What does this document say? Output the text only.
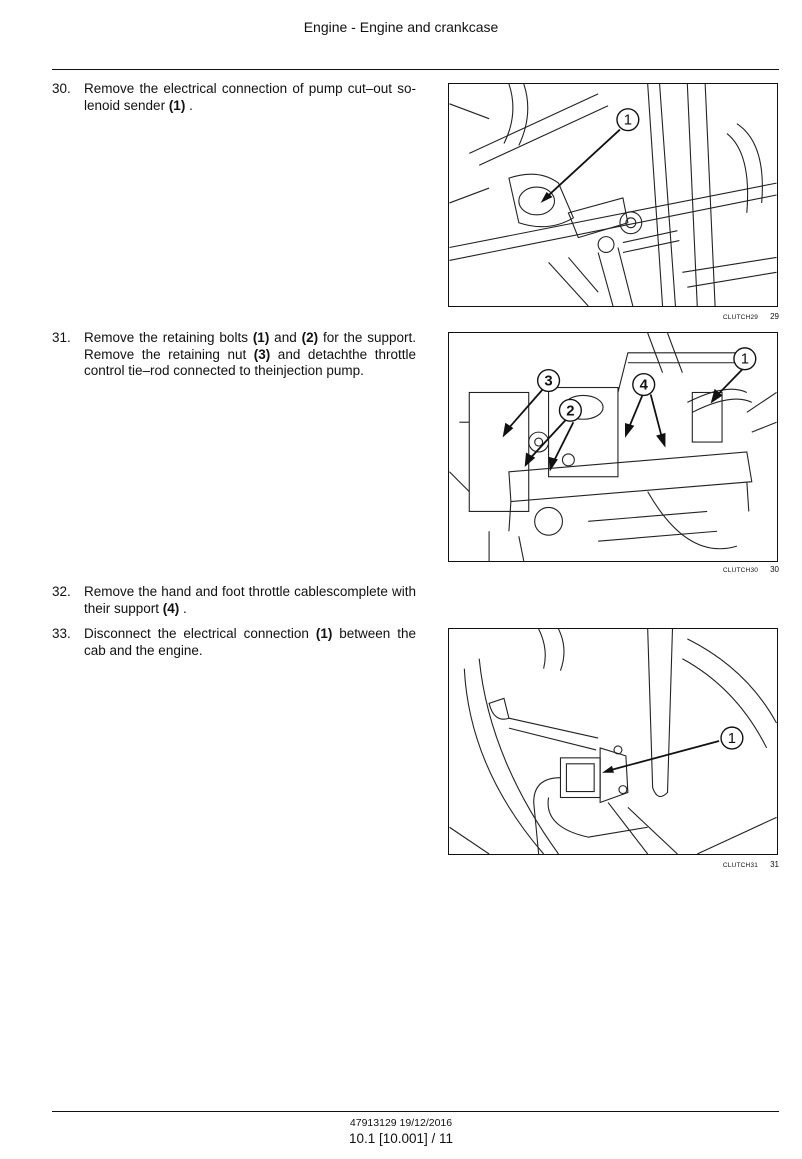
Engine - Engine and crankcase
30. Remove the electrical connection of pump cut–out so- lenoid sender (1) .
31. Remove the retaining bolts (1) and (2) for the support. Remove the retaining nut (3) and detachthe throttle control tie–rod connected to theinjection pump.
32. Remove the hand and foot throttle cablescomplete with their support (4) .
33. Disconnect the electrical connection (1) between the cab and the engine.
1
CLUTCH29 29
3
2
4
1
CLUTCH30 30
1
CLUTCH31 31
47913129 19/12/2016
10.1 [10.001] / 11
